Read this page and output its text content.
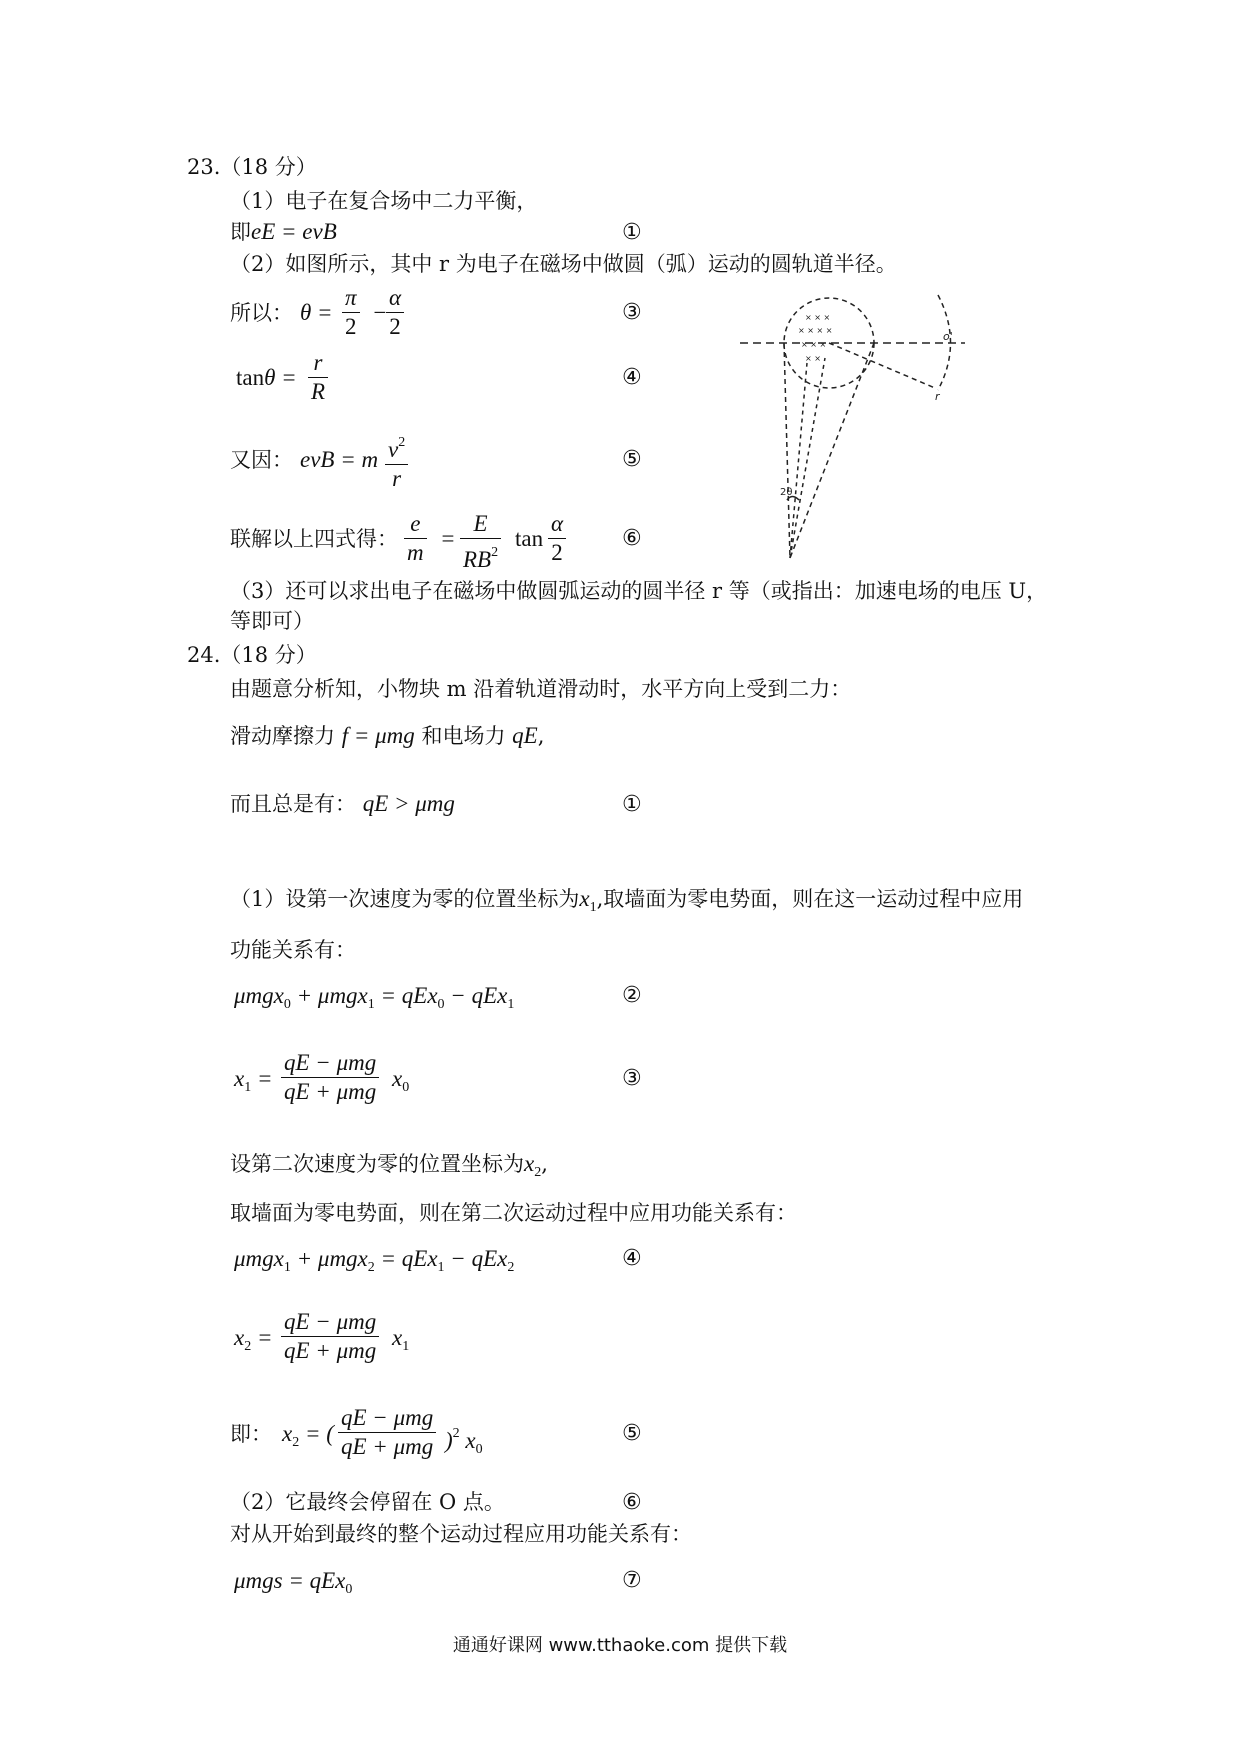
23.（18 分）
（1）电子在复合场中二力平衡，
即eE = evB	①
（2）如图所示，其中 r 为电子在磁场中做圆（弧）运动的圆轨道半径。
所以： $\theta = \frac{\pi}{2}$ −
$\frac{\alpha}{2}$	③
$\tan\theta = \frac{r}{R}$	④
又因： evB = m $\frac{v^2}{r}$	⑤
联解以上四式得： $\frac{e}{m} = \frac{E}{RB^2}$ $\tan \frac{\alpha}{2}$	⑥
（3）还可以求出电子在磁场中做圆弧运动的圆半径 r 等（或指出：加速电场的电压 U，
等即可）
× × ×
× × × ×
× × ×
× ×
o'
r
2θ
24.（18 分）
由题意分析知，小物块 m 沿着轨道滑动时，水平方向上受到二力：
滑动摩擦力 f = μmg 和电场力 qE,
而且总是有： qE > μmg	①
（1）设第一次速度为零的位置坐标为$x_1$,取墙面为零电势面，则在这一运动过程中应用
功能关系有：
μmgx$_0$ + μmgx$_1$ = qEx$_0$ − qEx$_1$	②
$x_1$ =
qE − μmg
qE + μmg
$x_0$	③
设第二次速度为零的位置坐标为$x_2$,
取墙面为零电势面，则在第二次运动过程中应用功能关系有：
μmgx$_1$ + μmgx$_2$ = qEx$_1$ − qEx$_2$	④
$x_2$ =
qE − μmg
qE + μmg
$x_1$
即： $x_2$ = (
qE − μmg
qE + μmg )$^2$ $x_0$
⑤
（2）它最终会停留在 O 点。	⑥
对从开始到最终的整个运动过程应用功能关系有：
μmgs = qEx$_0$	⑦
通通好课网 www.tthaoke.com 提供下载
